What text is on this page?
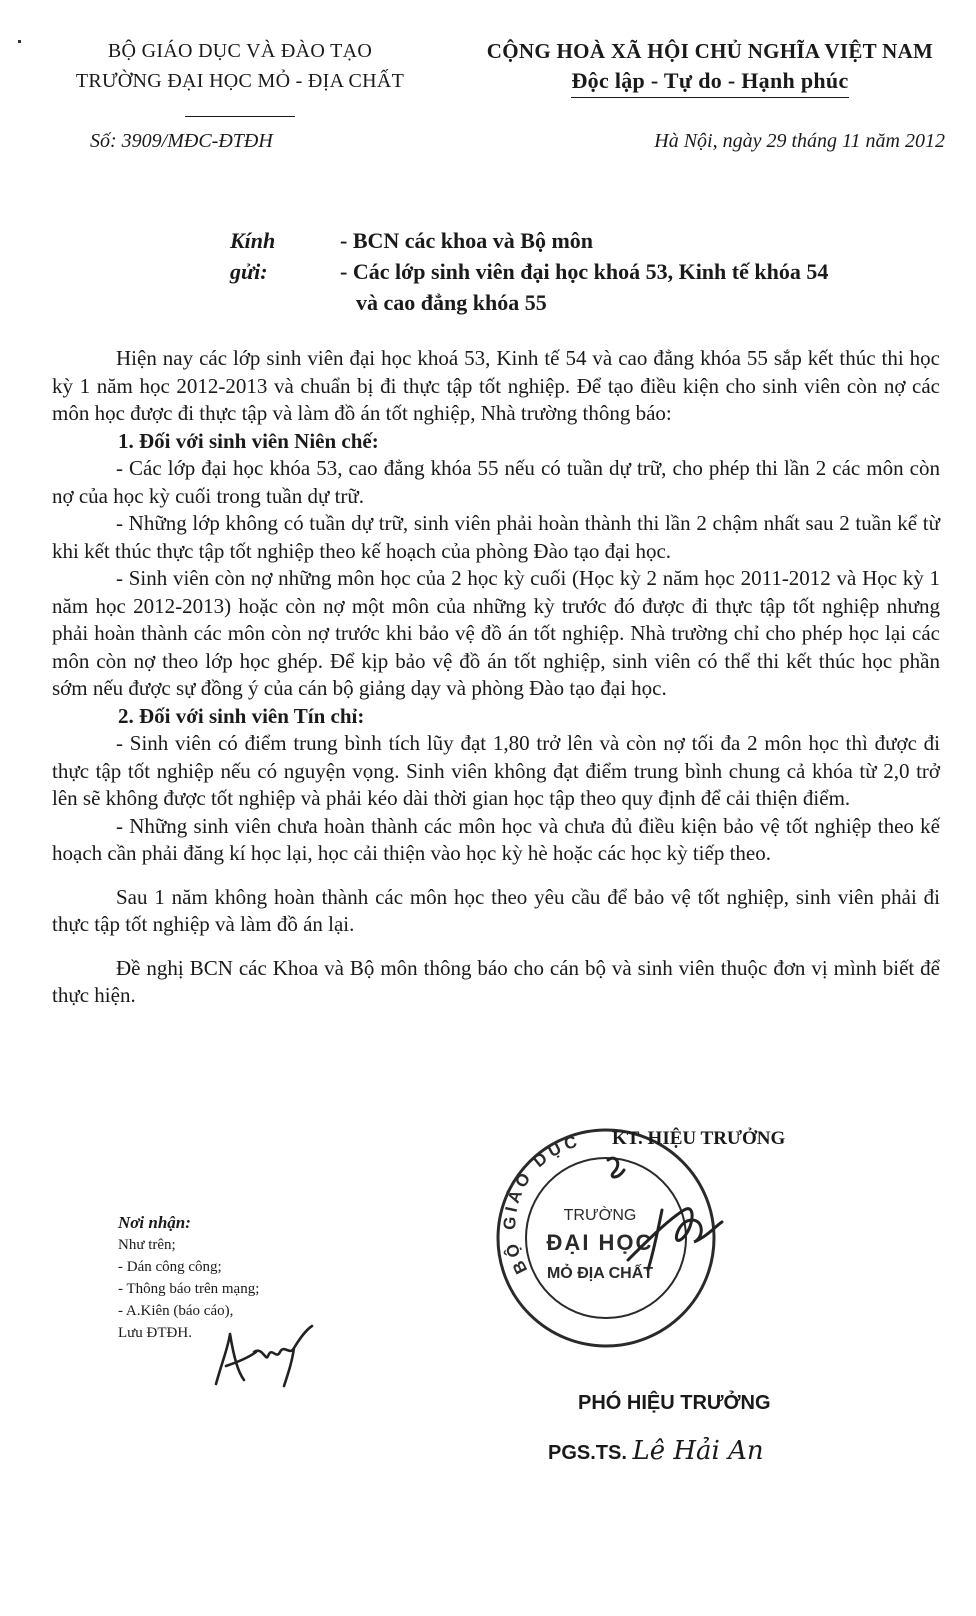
BỘ GIÁO DỤC VÀ ĐÀO TẠO
TRƯỜNG ĐẠI HỌC MỎ - ĐỊA CHẤT
CỘNG HOÀ XÃ HỘI CHỦ NGHĨA VIỆT NAM
Độc lập - Tự do - Hạnh phúc
Số: 3909/MĐC-ĐTĐH	Hà Nội, ngày 29 tháng 11 năm 2012
Kính gửi:
- BCN các khoa và Bộ môn
- Các lớp sinh viên đại học khoá 53, Kinh tế khóa 54
và cao đẳng khóa 55

Hiện nay các lớp sinh viên đại học khoá 53, Kinh tế 54 và cao đẳng khóa 55 sắp kết thúc thi học kỳ 1 năm học 2012-2013 và chuẩn bị đi thực tập tốt nghiệp. Để tạo điều kiện cho sinh viên còn nợ các môn học được đi thực tập và làm đồ án tốt nghiệp, Nhà trường thông báo:

1. Đối với sinh viên Niên chế:

- Các lớp đại học khóa 53, cao đẳng khóa 55 nếu có tuần dự trữ, cho phép thi lần 2 các môn còn nợ của học kỳ cuối trong tuần dự trữ.

- Những lớp không có tuần dự trữ, sinh viên phải hoàn thành thi lần 2 chậm nhất sau 2 tuần kể từ khi kết thúc thực tập tốt nghiệp theo kế hoạch của phòng Đào tạo đại học.

- Sinh viên còn nợ những môn học của 2 học kỳ cuối (Học kỳ 2 năm học 2011-2012 và Học kỳ 1 năm học 2012-2013) hoặc còn nợ một môn của những kỳ trước đó được đi thực tập tốt nghiệp nhưng phải hoàn thành các môn còn nợ trước khi bảo vệ đồ án tốt nghiệp. Nhà trường chỉ cho phép học lại các môn còn nợ theo lớp học ghép. Để kịp bảo vệ đồ án tốt nghiệp, sinh viên có thể thi kết thúc học phần sớm nếu được sự đồng ý của cán bộ giảng dạy và phòng Đào tạo đại học.

2. Đối với sinh viên Tín chỉ:

- Sinh viên có điểm trung bình tích lũy đạt 1,80 trở lên và còn nợ tối đa 2 môn học thì được đi thực tập tốt nghiệp nếu có nguyện vọng. Sinh viên không đạt điểm trung bình chung cả khóa từ 2,0 trở lên sẽ không được tốt nghiệp và phải kéo dài thời gian học tập theo quy định để cải thiện điểm.

- Những sinh viên chưa hoàn thành các môn học và chưa đủ điều kiện bảo vệ tốt nghiệp theo kế hoạch cần phải đăng kí học lại, học cải thiện vào học kỳ hè hoặc các học kỳ tiếp theo.

Sau 1 năm không hoàn thành các môn học theo yêu cầu để bảo vệ tốt nghiệp, sinh viên phải đi thực tập tốt nghiệp và làm đồ án lại.

Đề nghị BCN các Khoa và Bộ môn thông báo cho cán bộ và sinh viên thuộc đơn vị mình biết để thực hiện.

Nơi nhận:
Như trên;
- Dán công công;
- Thông báo trên mạng;
- A.Kiên (báo cáo),
Lưu ĐTĐH.
BỘ GIÁO DỤC
TRƯỜNG
ĐẠI HỌC
MỎ ĐỊA CHẤT
KT. HIỆU TRƯỞNG
PHÓ HIỆU TRƯỞNG
PGS.TS. Lê Hải An
